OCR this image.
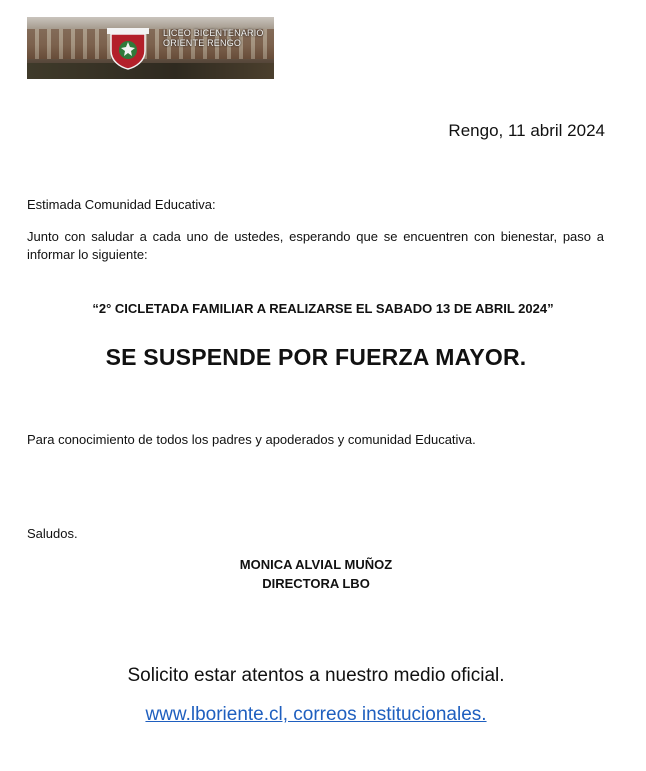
LICEO BICENTENARIO
ORIENTE RENGO
Rengo, 11 abril 2024
Estimada Comunidad Educativa:
Junto con saludar a cada uno de ustedes, esperando que se encuentren con bienestar, paso a informar lo siguiente:
“2° CICLETADA FAMILIAR A REALIZARSE EL SABADO 13 DE ABRIL 2024”
SE SUSPENDE POR FUERZA MAYOR.
Para conocimiento de todos los padres y apoderados y comunidad Educativa.
Saludos.
MONICA ALVIAL MUÑOZ
DIRECTORA LBO
Solicito estar atentos a nuestro medio oficial.
www.lboriente.cl, correos institucionales.
